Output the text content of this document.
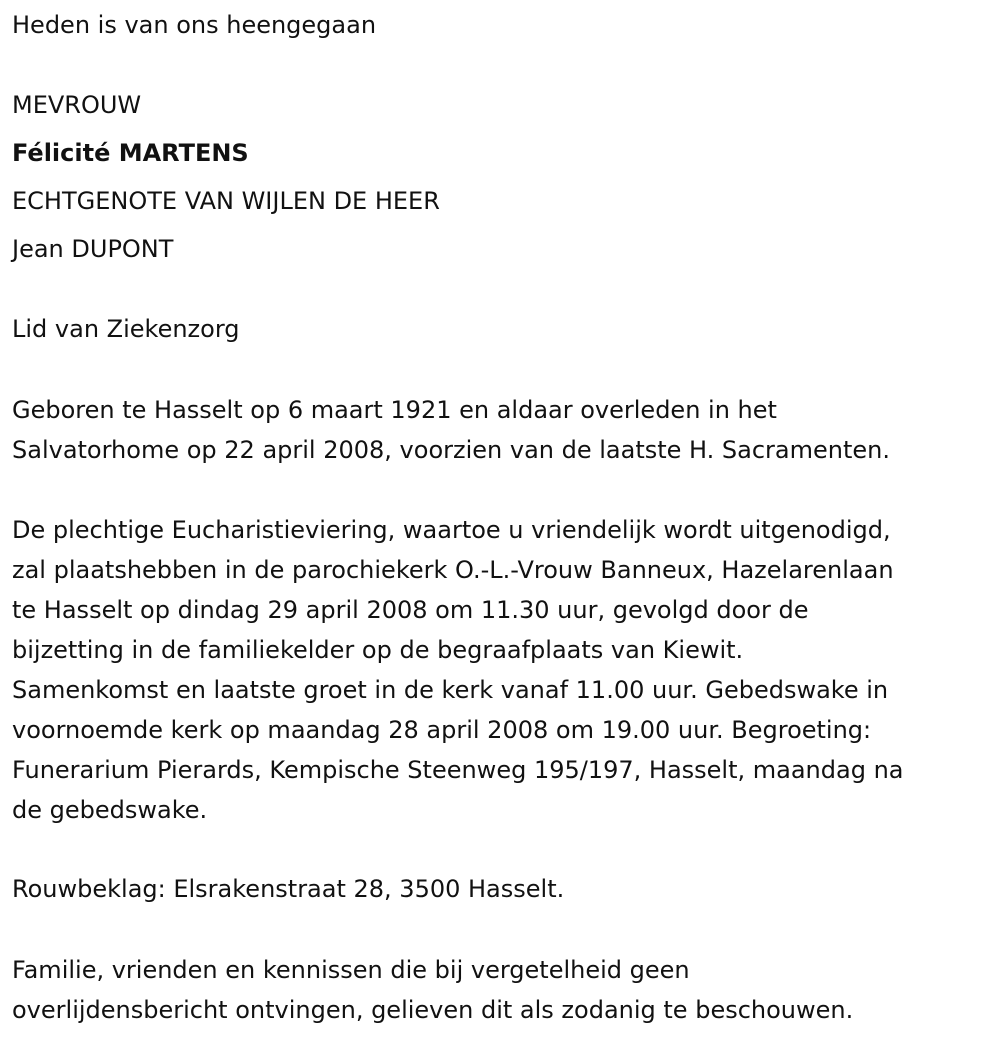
Heden is van ons heengegaan
MEVROUW
Félicité MARTENS
ECHTGENOTE VAN WIJLEN DE HEER
Jean DUPONT
Lid van Ziekenzorg
Geboren te Hasselt op 6 maart 1921 en aldaar overleden in het
Salvatorhome op 22 april 2008, voorzien van de laatste H. Sacramenten.
De plechtige Eucharistieviering, waartoe u vriendelijk wordt uitgenodigd,
zal plaatshebben in de parochiekerk O.-L.-Vrouw Banneux, Hazelarenlaan
te Hasselt op dindag 29 april 2008 om 11.30 uur, gevolgd door de
bijzetting in de familiekelder op de begraafplaats van Kiewit.
Samenkomst en laatste groet in de kerk vanaf 11.00 uur. Gebedswake in
voornoemde kerk op maandag 28 april 2008 om 19.00 uur. Begroeting:
Funerarium Pierards, Kempische Steenweg 195/197, Hasselt, maandag na
de gebedswake.
Rouwbeklag: Elsrakenstraat 28, 3500 Hasselt.
Familie, vrienden en kennissen die bij vergetelheid geen
overlijdensbericht ontvingen, gelieven dit als zodanig te beschouwen.
